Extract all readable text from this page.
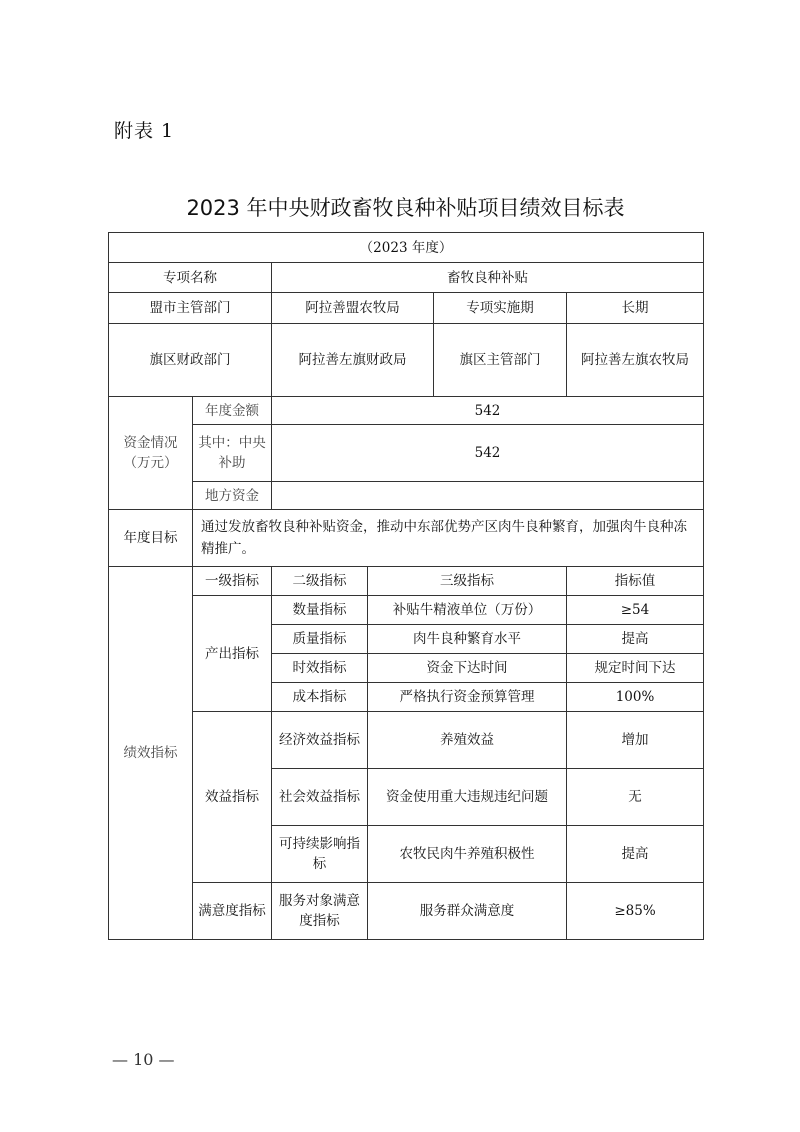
附表 1
2023 年中央财政畜牧良种补贴项目绩效目标表
（2023 年度）					
专项名称		畜牧良种补贴			
盟市主管部门		阿拉善盟农牧局		专项实施期	长期
旗区财政部门		阿拉善左旗财政局		旗区主管部门	阿拉善左旗农牧局
资金情况（万元）	年度金额	542			
	其中：中央补助	542			
	地方资金				
年度目标	通过发放畜牧良种补贴资金，推动中东部优势产区肉牛良种繁育，加强肉牛良种冻精推广。				
绩效指标	一级指标	二级指标	三级指标		指标值
	产出指标	数量指标	补贴牛精液单位（万份）		≥54
		质量指标	肉牛良种繁育水平		提高
		时效指标	资金下达时间		规定时间下达
		成本指标	严格执行资金预算管理		100%
	效益指标	经济效益指标	养殖效益		增加

		社会效益指标	资金使用重大违规违纪问题		无

		可持续影响指标	农牧民肉牛养殖积极性		提高

	满意度指标	服务对象满意度指标	服务群众满意度		≥85%
— 10 —
